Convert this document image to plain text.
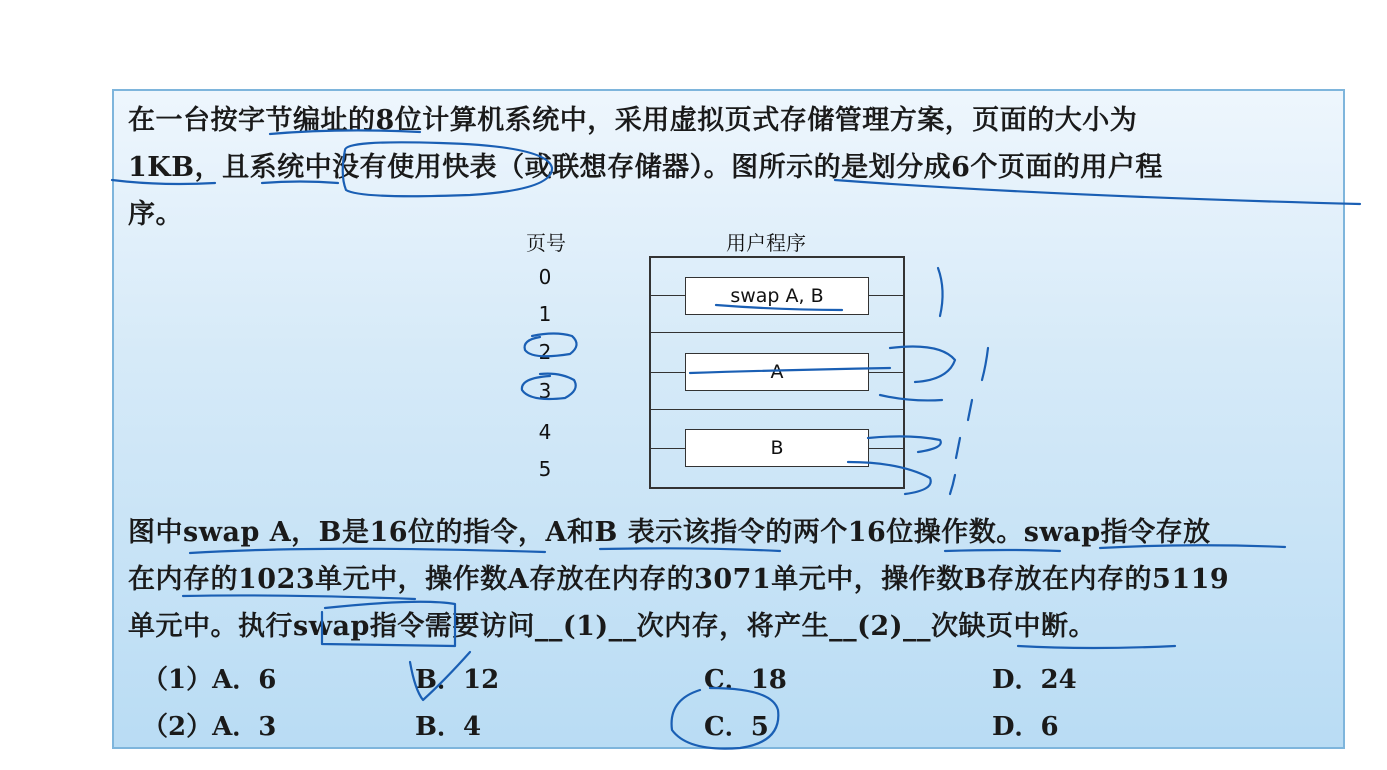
在一台按字节编址的8位计算机系统中，采用虚拟页式存储管理方案，页面的大小为
1KB，且系统中没有使用快表（或联想存储器）。图所示的是划分成6个页面的用户程
序。
页号	用户程序
0
1
2
3
4
5
swap A, B
A
B
图中swap A，B是16位的指令，A和B 表示该指令的两个16位操作数。swap指令存放
在内存的1023单元中，操作数A存放在内存的3071单元中，操作数B存放在内存的5119
单元中。执行swap指令需要访问__(1)__次内存，将产生__(2)__次缺页中断。
（1）A．6	B．12	C．18	D．24
（2）A．3	B．4	C．5	D．6
